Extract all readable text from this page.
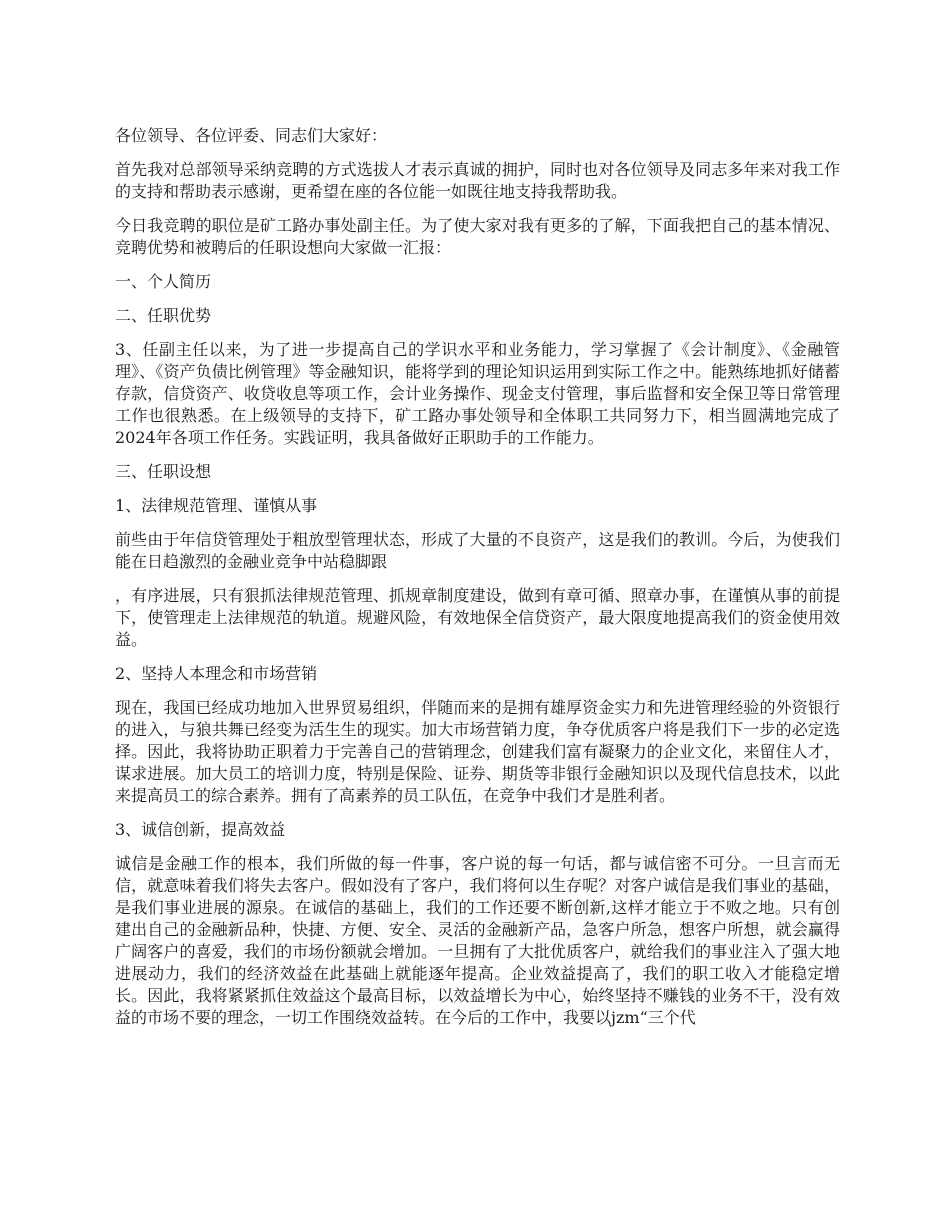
各位领导、各位评委、同志们大家好：

首先我对总部领导采纳竞聘的方式选拔人才表示真诚的拥护，同时也对各位领导及同志多年来对我工作的支持和帮助表示感谢，更希望在座的各位能一如既往地支持我帮助我。

今日我竞聘的职位是矿工路办事处副主任。为了使大家对我有更多的了解，下面我把自己的基本情况、竞聘优势和被聘后的任职设想向大家做一汇报：

一、个人简历

二、任职优势

3、任副主任以来，为了进一步提高自己的学识水平和业务能力，学习掌握了《会计制度》、《金融管理》、《资产负债比例管理》等金融知识，能将学到的理论知识运用到实际工作之中。能熟练地抓好储蓄存款，信贷资产、收贷收息等项工作，会计业务操作、现金支付管理，事后监督和安全保卫等日常管理工作也很熟悉。在上级领导的支持下，矿工路办事处领导和全体职工共同努力下，相当圆满地完成了2024年各项工作任务。实践证明，我具备做好正职助手的工作能力。

三、任职设想

1、法律规范管理、谨慎从事

前些由于年信贷管理处于粗放型管理状态，形成了大量的不良资产，这是我们的教训。今后，为使我们能在日趋激烈的金融业竞争中站稳脚跟

，有序进展，只有狠抓法律规范管理、抓规章制度建设，做到有章可循、照章办事，在谨慎从事的前提下，使管理走上法律规范的轨道。规避风险，有效地保全信贷资产，最大限度地提高我们的资金使用效益。

2、坚持人本理念和市场营销

现在，我国已经成功地加入世界贸易组织，伴随而来的是拥有雄厚资金实力和先进管理经验的外资银行的进入，与狼共舞已经变为活生生的现实。加大市场营销力度，争夺优质客户将是我们下一步的必定选择。因此，我将协助正职着力于完善自己的营销理念，创建我们富有凝聚力的企业文化，来留住人才，谋求进展。加大员工的培训力度，特别是保险、证券、期货等非银行金融知识以及现代信息技术，以此来提高员工的综合素养。拥有了高素养的员工队伍，在竞争中我们才是胜利者。

3、诚信创新，提高效益

诚信是金融工作的根本，我们所做的每一件事，客户说的每一句话，都与诚信密不可分。一旦言而无信，就意味着我们将失去客户。假如没有了客户，我们将何以生存呢？对客户诚信是我们事业的基础，是我们事业进展的源泉。在诚信的基础上，我们的工作还要不断创新,这样才能立于不败之地。只有创建出自己的金融新品种，快捷、方便、安全、灵活的金融新产品，急客户所急，想客户所想，就会赢得广阔客户的喜爱，我们的市场份额就会增加。一旦拥有了大批优质客户，就给我们的事业注入了强大地进展动力，我们的经济效益在此基础上就能逐年提高。企业效益提高了，我们的职工收入才能稳定增长。因此，我将紧紧抓住效益这个最高目标，以效益增长为中心，始终坚持不赚钱的业务不干，没有效益的市场不要的理念，一切工作围绕效益转。在今后的工作中，我要以jzm“三个代
